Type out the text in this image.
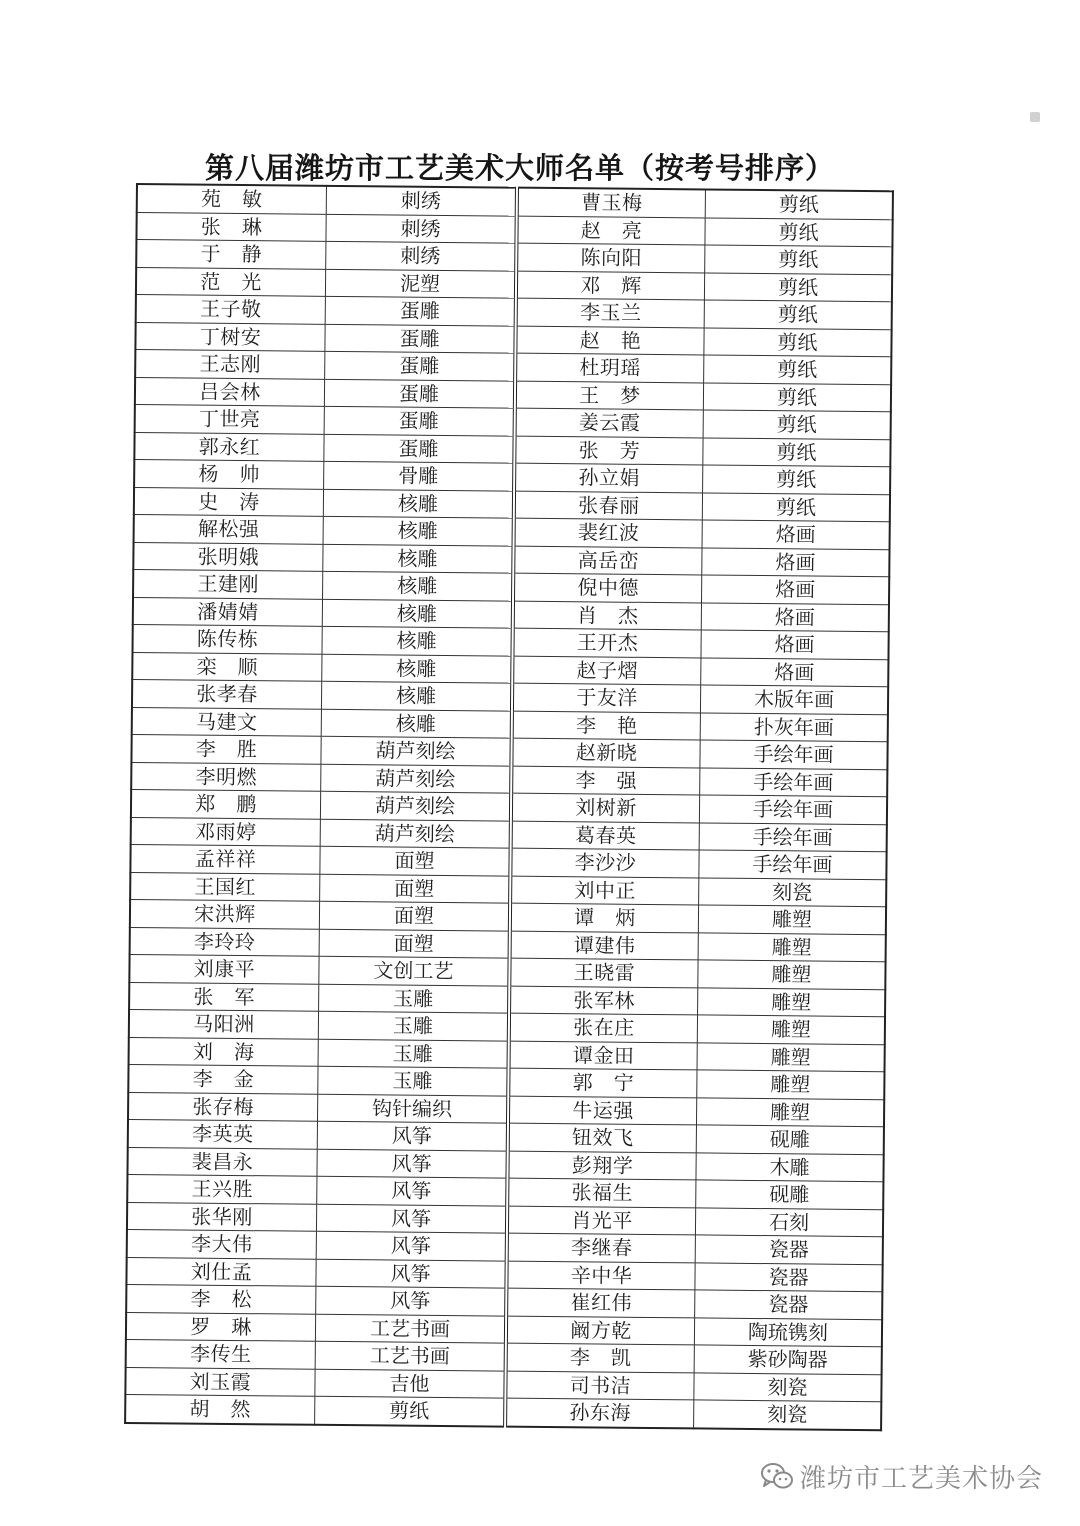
第八届潍坊市工艺美术大师名单（按考号排序）
苑　敏	刺绣	曹玉梅	剪纸
张　琳	刺绣	赵　亮	剪纸
于　静	刺绣	陈向阳	剪纸
范　光	泥塑	邓　辉	剪纸
王子敬	蛋雕	李玉兰	剪纸
丁树安	蛋雕	赵　艳	剪纸
王志刚	蛋雕	杜玥瑶	剪纸
吕会林	蛋雕	王　梦	剪纸
丁世亮	蛋雕	姜云霞	剪纸
郭永红	蛋雕	张　芳	剪纸
杨　帅	骨雕	孙立娟	剪纸
史　涛	核雕	张春丽	剪纸
解松强	核雕	裴红波	烙画
张明娥	核雕	高岳峦	烙画
王建刚	核雕	倪中德	烙画
潘婧婧	核雕	肖　杰	烙画
陈传栋	核雕	王开杰	烙画
栾　顺	核雕	赵子熠	烙画
张孝春	核雕	于友洋	木版年画
马建文	核雕	李　艳	扑灰年画
李　胜	葫芦刻绘	赵新晓	手绘年画
李明燃	葫芦刻绘	李　强	手绘年画
郑　鹏	葫芦刻绘	刘树新	手绘年画
邓雨婷	葫芦刻绘	葛春英	手绘年画
孟祥祥	面塑	李沙沙	手绘年画
王国红	面塑	刘中正	刻瓷
宋洪辉	面塑	谭　炳	雕塑
李玲玲	面塑	谭建伟	雕塑
刘康平	文创工艺	王晓雷	雕塑
张　军	玉雕	张军林	雕塑
马阳洲	玉雕	张在庄	雕塑
刘　海	玉雕	谭金田	雕塑
李　金	玉雕	郭　宁	雕塑
张存梅	钩针编织	牛运强	雕塑
李英英	风筝	钮效飞	砚雕
裴昌永	风筝	彭翔学	木雕
王兴胜	风筝	张福生	砚雕
张华刚	风筝	肖光平	石刻
李大伟	风筝	李继春	瓷器
刘仕孟	风筝	辛中华	瓷器
李　松	风筝	崔红伟	瓷器
罗　琳	工艺书画	阚方乾	陶琉镌刻
李传生	工艺书画	李　凯	紫砂陶器
刘玉霞	吉他	司书洁	刻瓷
胡　然	剪纸	孙东海	刻瓷
潍坊市工艺美术协会
